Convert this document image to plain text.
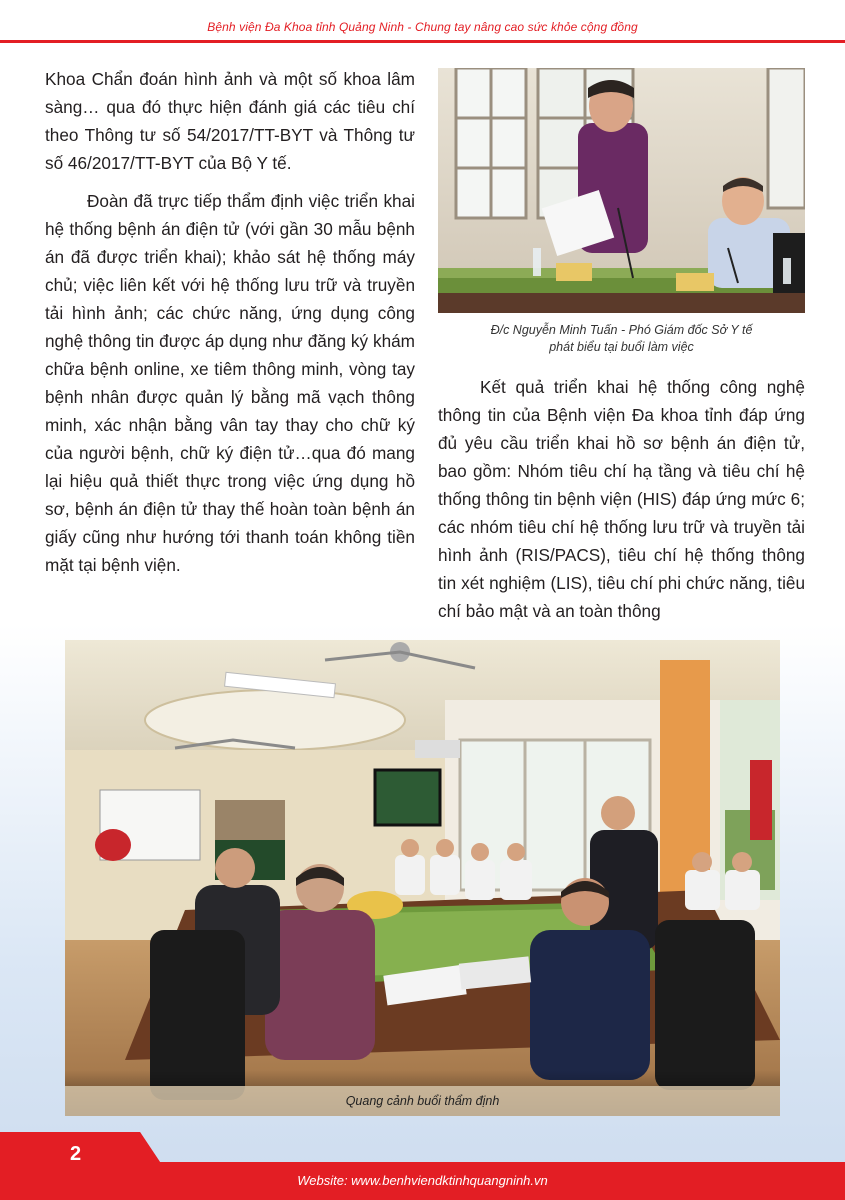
Bệnh viện Đa Khoa tỉnh Quảng Ninh - Chung tay nâng cao sức khỏe cộng đồng

Khoa Chẩn đoán hình ảnh và một số khoa lâm sàng… qua đó thực hiện đánh giá các tiêu chí theo Thông tư số 54/2017/TT-BYT và Thông tư số 46/2017/TT-BYT của Bộ Y tế.

Đoàn đã trực tiếp thẩm định việc triển khai hệ thống bệnh án điện tử (với gần 30 mẫu bệnh án đã được triển khai); khảo sát hệ thống máy chủ; việc liên kết với hệ thống lưu trữ và truyền tải hình ảnh; các chức năng, ứng dụng công nghệ thông tin được áp dụng như đăng ký khám chữa bệnh online, xe tiêm thông minh, vòng tay bệnh nhân được quản lý bằng mã vạch thông minh, xác nhận bằng vân tay thay cho chữ ký của người bệnh, chữ ký điện tử…qua đó mang lại hiệu quả thiết thực trong việc ứng dụng hồ sơ, bệnh án điện tử thay thế hoàn toàn bệnh án giấy cũng như hướng tới thanh toán không tiền mặt tại bệnh viện.

Đ/c Nguyễn Minh Tuấn - Phó Giám đốc Sở Y tế
phát biểu tại buổi làm việc

Kết quả triển khai hệ thống công nghệ thông tin của Bệnh viện Đa khoa tỉnh đáp ứng đủ yêu cầu triển khai hồ sơ bệnh án điện tử, bao gồm: Nhóm tiêu chí hạ tầng và tiêu chí hệ thống thông tin bệnh viện (HIS) đáp ứng mức 6; các nhóm tiêu chí hệ thống lưu trữ và truyền tải hình ảnh (RIS/PACS), tiêu chí hệ thống thông tin xét nghiệm (LIS), tiêu chí phi chức năng, tiêu chí bảo mật và an toàn thông

Quang cảnh buổi thẩm định
2
Website: www.benhviendktinhquangninh.vn
